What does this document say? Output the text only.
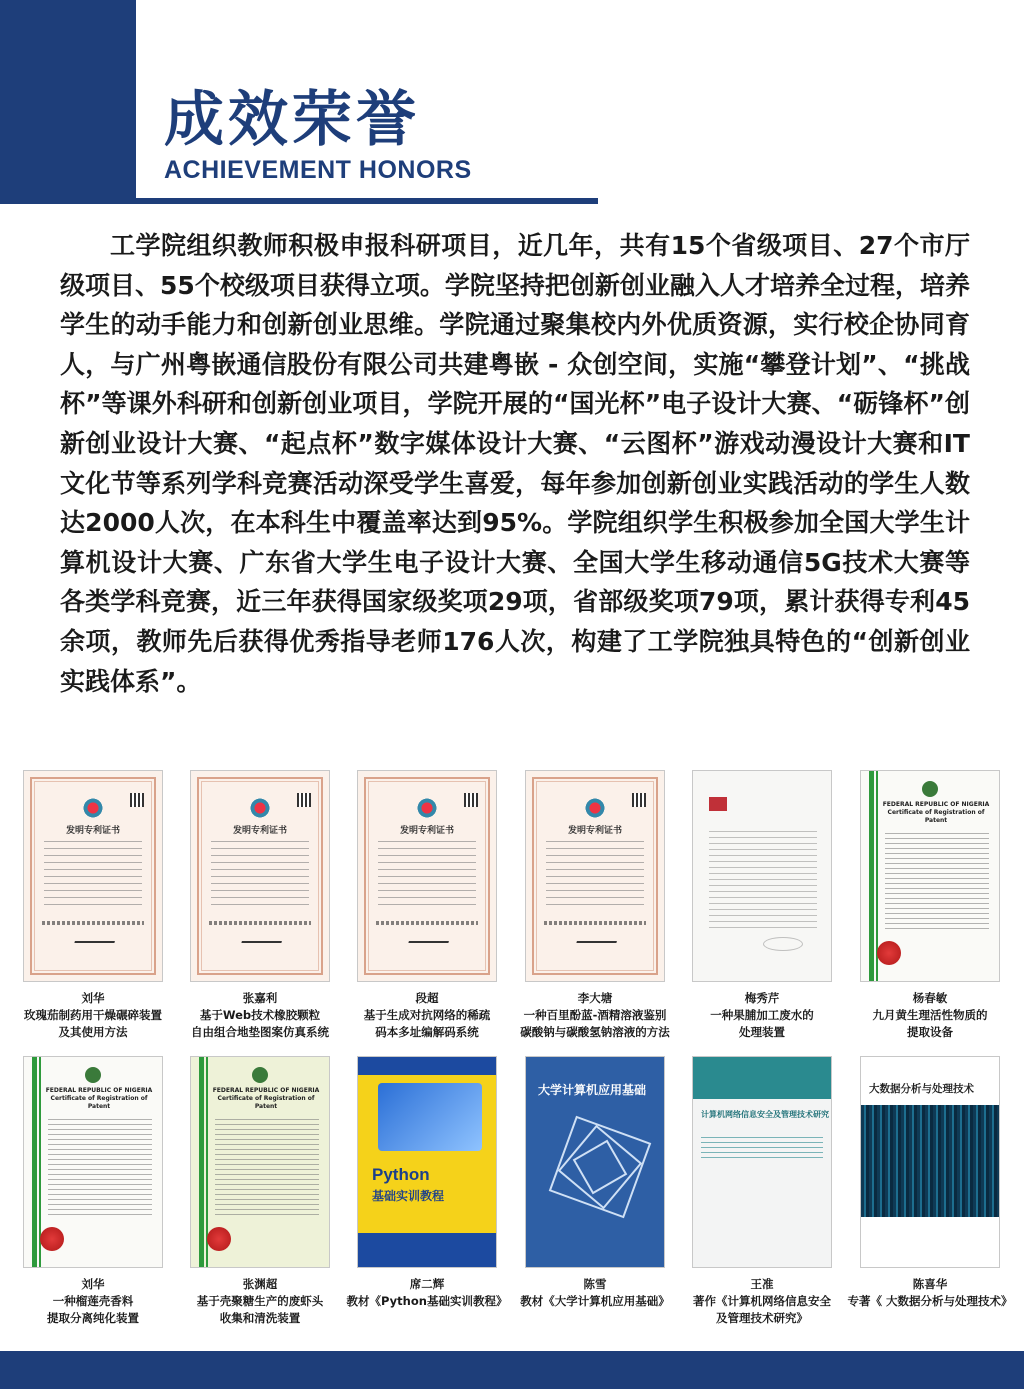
成效荣誉
ACHIEVEMENT HONORS

工学院组织教师积极申报科研项目，近几年，共有15个省级项目、27个市厅级项目、55个校级项目获得立项。学院坚持把创新创业融入人才培养全过程，培养学生的动手能力和创新创业思维。学院通过聚集校内外优质资源，实行校企协同育人，与广州粤嵌通信股份有限公司共建粤嵌 - 众创空间，实施“攀登计划”、“挑战杯”等课外科研和创新创业项目，学院开展的“国光杯”电子设计大赛、“砺锋杯”创新创业设计大赛、“起点杯”数字媒体设计大赛、“云图杯”游戏动漫设计大赛和IT文化节等系列学科竞赛活动深受学生喜爱，每年参加创新创业实践活动的学生人数达2000人次，在本科生中覆盖率达到95%。学院组织学生积极参加全国大学生计算机设计大赛、广东省大学生电子设计大赛、全国大学生移动通信5G技术大赛等各类学科竞赛，近三年获得国家级奖项29项，省部级奖项79项，累计获得专利45余项，教师先后获得优秀指导老师176人次，构建了工学院独具特色的“创新创业实践体系”。

发明专利证书
刘华
玫瑰茄制药用干燥碾碎装置
及其使用方法
发明专利证书
张嘉利
基于Web技术橡胶颗粒
自由组合地垫图案仿真系统
发明专利证书
段超
基于生成对抗网络的稀疏
码本多址编解码系统
发明专利证书
李大塘
一种百里酚蓝-酒精溶液鉴别
碳酸钠与碳酸氢钠溶液的方法
梅秀芹
一种果脯加工废水的
处理装置
FEDERAL REPUBLIC OF NIGERIA Certificate of Registration of Patent
杨春敏
九月黄生理活性物质的
提取设备
FEDERAL REPUBLIC OF NIGERIA Certificate of Registration of Patent
刘华
一种榴莲壳香料
提取分离纯化装置
FEDERAL REPUBLIC OF NIGERIA Certificate of Registration of Patent
张渊超
基于壳聚糖生产的废虾头
收集和清洗装置
Python
基础实训教程
席二辉
教材《Python基础实训教程》
大学计算机应用基础
陈雪
教材《大学计算机应用基础》
计算机网络信息安全及管理技术研究
王准
著作《计算机网络信息安全
及管理技术研究》
大数据分析与处理技术
陈喜华
专著《 大数据分析与处理技术》
